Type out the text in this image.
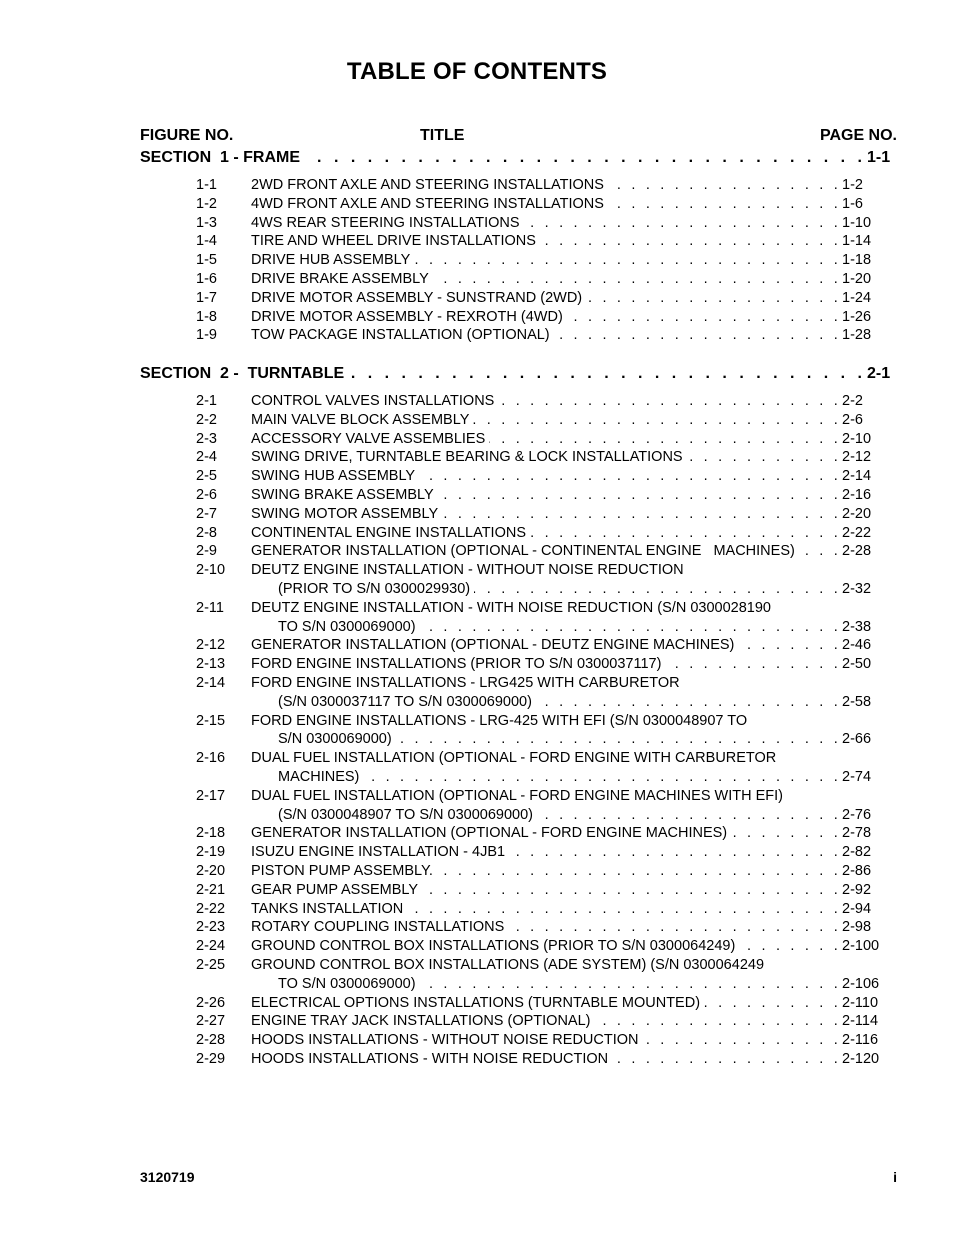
TABLE OF CONTENTS
FIGURE NO.	TITLE	PAGE NO.
SECTION  1 - FRAME . . .	1-1
1-1	2WD FRONT AXLE AND STEERING INSTALLATIONS . . .	1-2
1-2	4WD FRONT AXLE AND STEERING INSTALLATIONS . . .	1-6
1-3	4WS REAR STEERING INSTALLATIONS . . .	1-10
1-4	TIRE AND WHEEL DRIVE INSTALLATIONS . . .	1-14
1-5	DRIVE HUB ASSEMBLY . . .	1-18
1-6	DRIVE BRAKE ASSEMBLY . . .	1-20
1-7	DRIVE MOTOR ASSEMBLY - SUNSTRAND (2WD) . . .	1-24
1-8	DRIVE MOTOR ASSEMBLY - REXROTH (4WD) . . .	1-26
1-9	TOW PACKAGE INSTALLATION (OPTIONAL) . . .	1-28
SECTION  2 -  TURNTABLE . . .	2-1
2-1	CONTROL VALVES INSTALLATIONS . . .	2-2
2-2	MAIN VALVE BLOCK ASSEMBLY . . .	2-6
2-3	ACCESSORY VALVE ASSEMBLIES . . .	2-10
2-4	SWING DRIVE, TURNTABLE BEARING & LOCK INSTALLATIONS . . .	2-12
2-5	SWING HUB ASSEMBLY . . .	2-14
2-6	SWING BRAKE ASSEMBLY . . .	2-16
2-7	SWING MOTOR ASSEMBLY . . .	2-20
2-8	CONTINENTAL ENGINE INSTALLATIONS . . .	2-22
2-9	GENERATOR INSTALLATION (OPTIONAL - CONTINENTAL ENGINE   MACHINES) . . .	2-28
2-10	DEUTZ ENGINE INSTALLATION - WITHOUT NOISE REDUCTION
(PRIOR TO S/N 0300029930) . . .	2-32
2-11	DEUTZ ENGINE INSTALLATION - WITH NOISE REDUCTION (S/N 0300028190
TO S/N 0300069000) . . .	2-38
2-12	GENERATOR INSTALLATION (OPTIONAL - DEUTZ ENGINE MACHINES) . . .	2-46
2-13	FORD ENGINE INSTALLATIONS (PRIOR TO S/N 0300037117) . . .	2-50
2-14	FORD ENGINE INSTALLATIONS - LRG425 WITH CARBURETOR
(S/N 0300037117 TO S/N 0300069000) . . .	2-58
2-15	FORD ENGINE INSTALLATIONS - LRG-425 WITH EFI (S/N 0300048907 TO
S/N 0300069000) . . .	2-66
2-16	DUAL FUEL INSTALLATION (OPTIONAL - FORD ENGINE WITH CARBURETOR
MACHINES) . . .	2-74
2-17	DUAL FUEL INSTALLATION (OPTIONAL - FORD ENGINE MACHINES WITH EFI)
(S/N 0300048907 TO S/N 0300069000) . . .	2-76
2-18	GENERATOR INSTALLATION (OPTIONAL - FORD ENGINE MACHINES) . . .	2-78
2-19	ISUZU ENGINE INSTALLATION - 4JB1 . . .	2-82
2-20	PISTON PUMP ASSEMBLY. . . .	2-86
2-21	GEAR PUMP ASSEMBLY . . .	2-92
2-22	TANKS INSTALLATION . . .	2-94
2-23	ROTARY COUPLING INSTALLATIONS . . .	2-98
2-24	GROUND CONTROL BOX INSTALLATIONS (PRIOR TO S/N 0300064249) . . .	2-100
2-25	GROUND CONTROL BOX INSTALLATIONS (ADE SYSTEM) (S/N 0300064249
TO S/N 0300069000) . . .	2-106
2-26	ELECTRICAL OPTIONS INSTALLATIONS (TURNTABLE MOUNTED) . . .	2-110
2-27	ENGINE TRAY JACK INSTALLATIONS (OPTIONAL) . . .	2-114
2-28	HOODS INSTALLATIONS - WITHOUT NOISE REDUCTION . . .	2-116
2-29	HOODS INSTALLATIONS - WITH NOISE REDUCTION . . .	2-120
3120719	i
